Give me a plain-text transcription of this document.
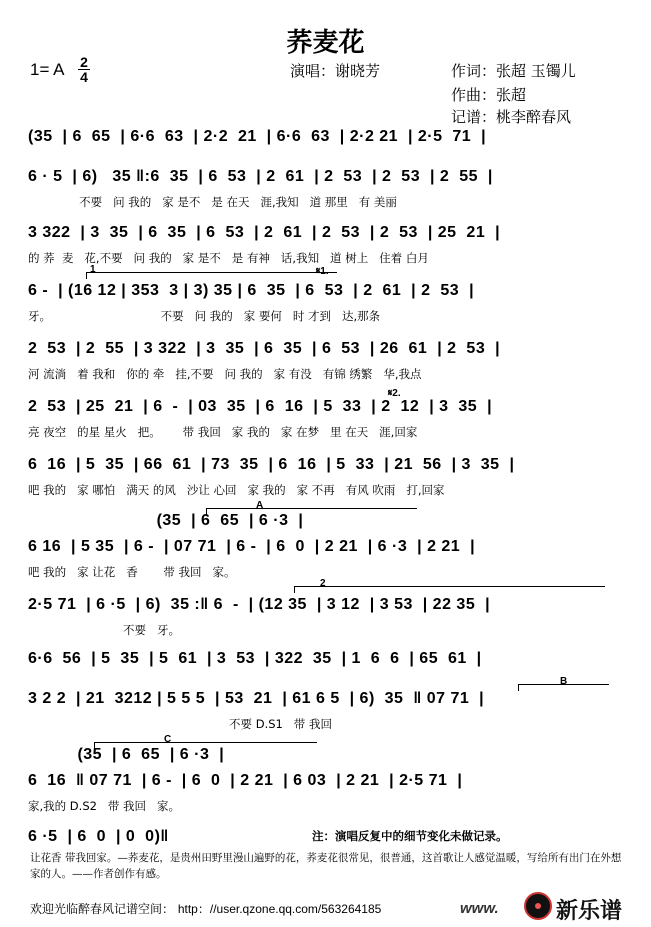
荞麦花
1= A 2
4	演唱：谢晓芳	作词：张超 玉镯儿
作曲：张超
记谱：桃李醉春风
(35  | 6  65  | 6·6  63  | 2·2  21  | 6·6  63  | 2·2 21  | 2·5  71  |
6 · 5  | 6)   35 ‖:6  35  | 6  53  | 2  61  | 2  53  | 2  53  | 2  55  |
不要   问 我的   家 是不   是 在天   涯,我知   道 那里   有 美丽
3 322  | 3  35  | 6  35  | 6  53  | 2  61  | 2  53  | 2  53  | 25  21  |
的 荞  麦   花,不要   问 我的   家 是不   是 有神   话,我知   道 树上   住着 白月
1	𝄋1.
6 -  | (16 12 | 353  3 | 3) 35 | 6  35  | 6  53  | 2  61  | 2  53  |
牙。                              不要   问 我的   家 要何   时 才到   达,那条
2  53  | 2  55  | 3 322  | 3  35  | 6  35  | 6  53  | 26  61  | 2  53  |
河 流淌   着 我和   你的 牵   挂,不要   问 我的   家 有没   有锦 绣繁   华,我点
𝄋2.
2  53  | 25  21  | 6  -  | 03  35  | 6  16  | 5  33  | 2  12  | 3  35  |
亮 夜空   的星 星火   把。      带 我回   家 我的   家 在梦   里 在天   涯,回家
6  16  | 5  35  | 66  61  | 73  35  | 6  16  | 5  33  | 21  56  | 3  35  |
吧 我的   家 哪怕   满天 的风   沙让 心回   家 我的   家 不再   有风 吹雨   打,回家
A
(35  | 6  65  | 6 ·3  |
6 16  | 5 35  | 6 -  | 07 71  | 6 -  | 6  0  | 2 21  | 6 ·3  | 2 21  |
吧 我的   家 让花   香       带 我回   家。
2
2·5 71  | 6 ·5  | 6)  35 :‖ 6  -  | (12 35  | 3 12  | 3 53  | 22 35  |
不要   牙。
6·6  56  | 5  35  | 5  61  | 3  53  | 322  35  | 1  6  6  | 65  61  |
B
3 2 2  | 21  3212 | 5 5 5  | 53  21  | 61 6 5  | 6)  35  ‖ 07 71  |
不要 D.S1   带 我回
C
(35  | 6  65  | 6 ·3  |
6  16  ‖ 07 71  | 6 -  | 6  0  | 2 21  | 6 03  | 2 21  | 2·5 71  |
家,我的 D.S2   带 我回   家。
6 ·5  | 6  0  | 0  0)‖	注：演唱反复中的细节变化未做记录。
让花香 带我回家。—荞麦花，是贵州田野里漫山遍野的花，荞麦花很常见，很普通，这首歌让人感觉温暖，写给所有出门在外想家的人。——作者创作有感。
欢迎光临醉春风记谱空间： http：//user.qzone.qq.com/563264185	www.	新乐谱
